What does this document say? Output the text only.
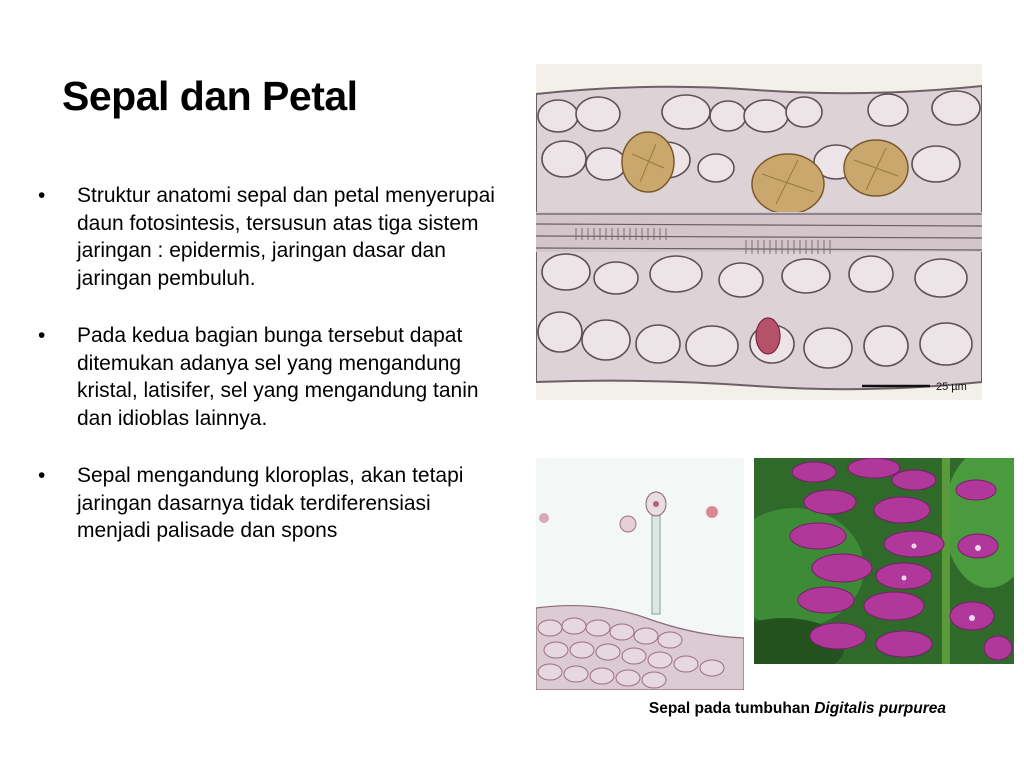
Sepal dan Petal
• Struktur anatomi sepal dan petal menyerupai daun fotosintesis, tersusun atas tiga sistem jaringan : epidermis, jaringan dasar dan jaringan pembuluh.
• Pada kedua bagian bunga tersebut dapat ditemukan adanya sel yang mengandung kristal, latisifer, sel yang mengandung tanin dan idioblas lainnya.
• Sepal mengandung kloroplas, akan tetapi jaringan dasarnya tidak terdiferensiasi menjadi palisade dan spons
25 µm
Sepal pada tumbuhan Digitalis purpurea
